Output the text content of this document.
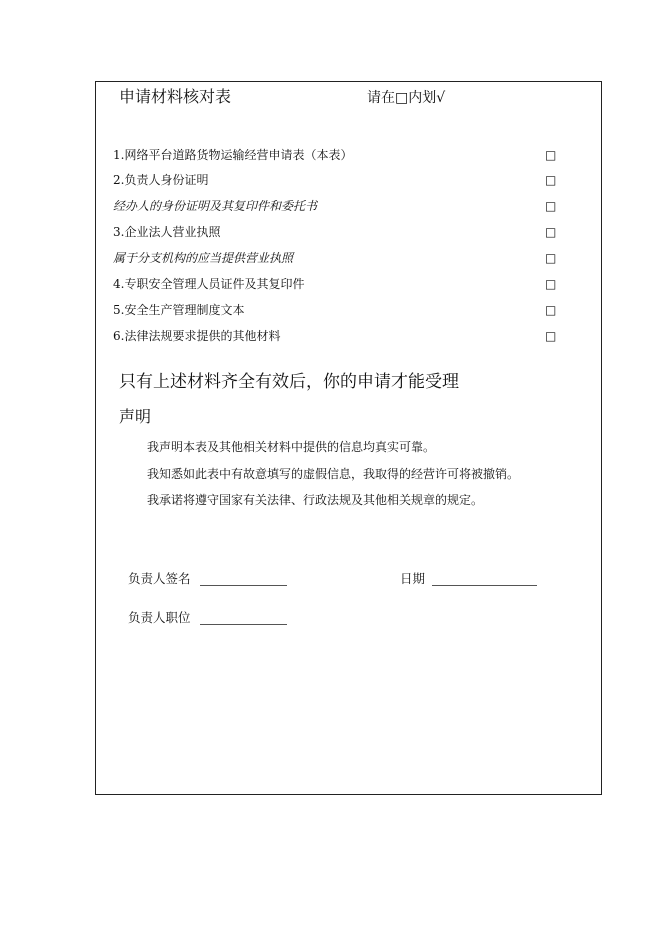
申请材料核对表	请在□内划√
1.网络平台道路货物运输经营申请表（本表）	□
2.负责人身份证明	□
经办人的身份证明及其复印件和委托书	□
3.企业法人营业执照	□
属于分支机构的应当提供营业执照	□
4.专职安全管理人员证件及其复印件	□
5.安全生产管理制度文本	□
6.法律法规要求提供的其他材料	□
只有上述材料齐全有效后，你的申请才能受理
声明
我声明本表及其他相关材料中提供的信息均真实可靠。
我知悉如此表中有故意填写的虚假信息，我取得的经营许可将被撤销。
我承诺将遵守国家有关法律、行政法规及其他相关规章的规定。
负责人签名	日期
负责人职位
